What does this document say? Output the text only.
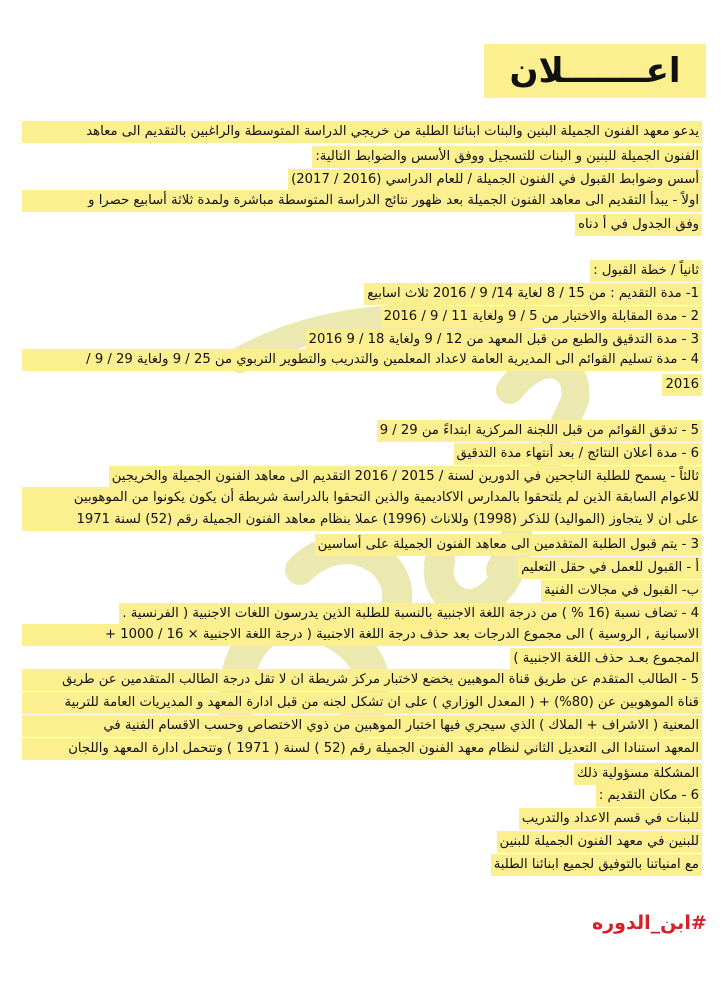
اعـــــــلان
يدعو معهد الفنون الجميلة البنين والبنات ابنائنا الطلبة من خريجي الدراسة المتوسطة والراغبين بالتقديم الى معاهد
الفنون الجميلة للبنين و البنات للتسجيل ووفق الأسس والضوابط التالية:
أسس وضوابط القبول في الفنون الجميلة / للعام الدراسي (2016 / 2017)
اولاً - يبدأ التقديم الى معاهد الفنون الجميلة بعد ظهور نتائج الدراسة المتوسطة مباشرة ولمدة ثلاثة أسابيع حصرا و
وفق الجدول في أ دناه
ثانياً / خطة القبول :
1- مدة التقديم : من 15 / 8 لغاية 14/ 9 / 2016 ثلاث اسابيع
2 - مدة المقابلة والاختبار من 5 / 9 ولغاية 11 / 9 / 2016
3 - مدة التدقيق والطبع من قبل المعهد من 12 / 9 ولغاية 18 / 9 2016
4 - مدة تسليم القوائم الى المديرية العامة لاعداد المعلمين والتدريب والتطوير التربوي من 25 / 9 ولغاية 29 / 9 /
2016
5 - تدقق القوائم من قبل اللجنة المركزية ابتداءً من 29 / 9
6 - مدة أعلان النتائج / بعد أنتهاء مدة التدقيق
ثالثاً - يسمح للطلبة الناجحين في الدورين لسنة / 2015 / 2016 التقديم الى معاهد الفنون الجميلة والخريجين
للاعوام السابقة الذين لم يلتحقوا بالمدارس الاكاديمية والذين التحقوا بالدراسة شريطة أن يكون يكونوا من الموهوبين
على ان لا يتجاوز (المواليد) للذكر (1998) وللاناث (1996) عملا بنظام معاهد الفنون الجميلة رقم (52) لسنة 1971
3 - يتم قبول الطلبة المتقدمين الى معاهد الفنون الجميلة على أساسين
أ - القبول للعمل في حقل التعليم
ب- القبول في مجالات الفنية
4 - تضاف نسبة (16 % ) من درجة اللغة الاجنبية بالنسبة للطلبة الذين يدرسون اللغات الاجنبية ( الفرنسية .
الاسبانية , الروسية ) الى مجموع الدرجات بعد حذف درجة اللغة الاجنبية ( درجة اللغة الاجنبية × 16 / 1000 +
المجموع بعـد حذف اللغة الاجنبية )
5 - الطالب المتقدم عن طريق قناة الموهبين يخضع لاختبار مركز شريطة ان لا تقل درجة الطالب المتقدمين عن طريق
قناة الموهوبين عن (80%) + ( المعدل الوزاري ) على ان تشكل لجنه من قبل ادارة المعهد و المديريات العامة للتربية
المعنية ( الاشراف + الملاك ) الذي سيجري فيها اختبار الموهبين من ذوي الاختصاص وحسب الاقسام الفنية في
المعهد استنادا الى التعديل الثاني لنظام معهد الفنون الجميلة رقم (52 ) لسنة ( 1971 ) وتتحمل ادارة المعهد واللجان
المشكلة مسؤولية ذلك
6 - مكان التقديم :
للبنات في قسم الاعداد والتدريب
للبنين في معهد الفنون الجميلة للبنين
مع امنياتنا بالتوفيق لجميع ابنائنا الطلبة
#ابن_الدوره
